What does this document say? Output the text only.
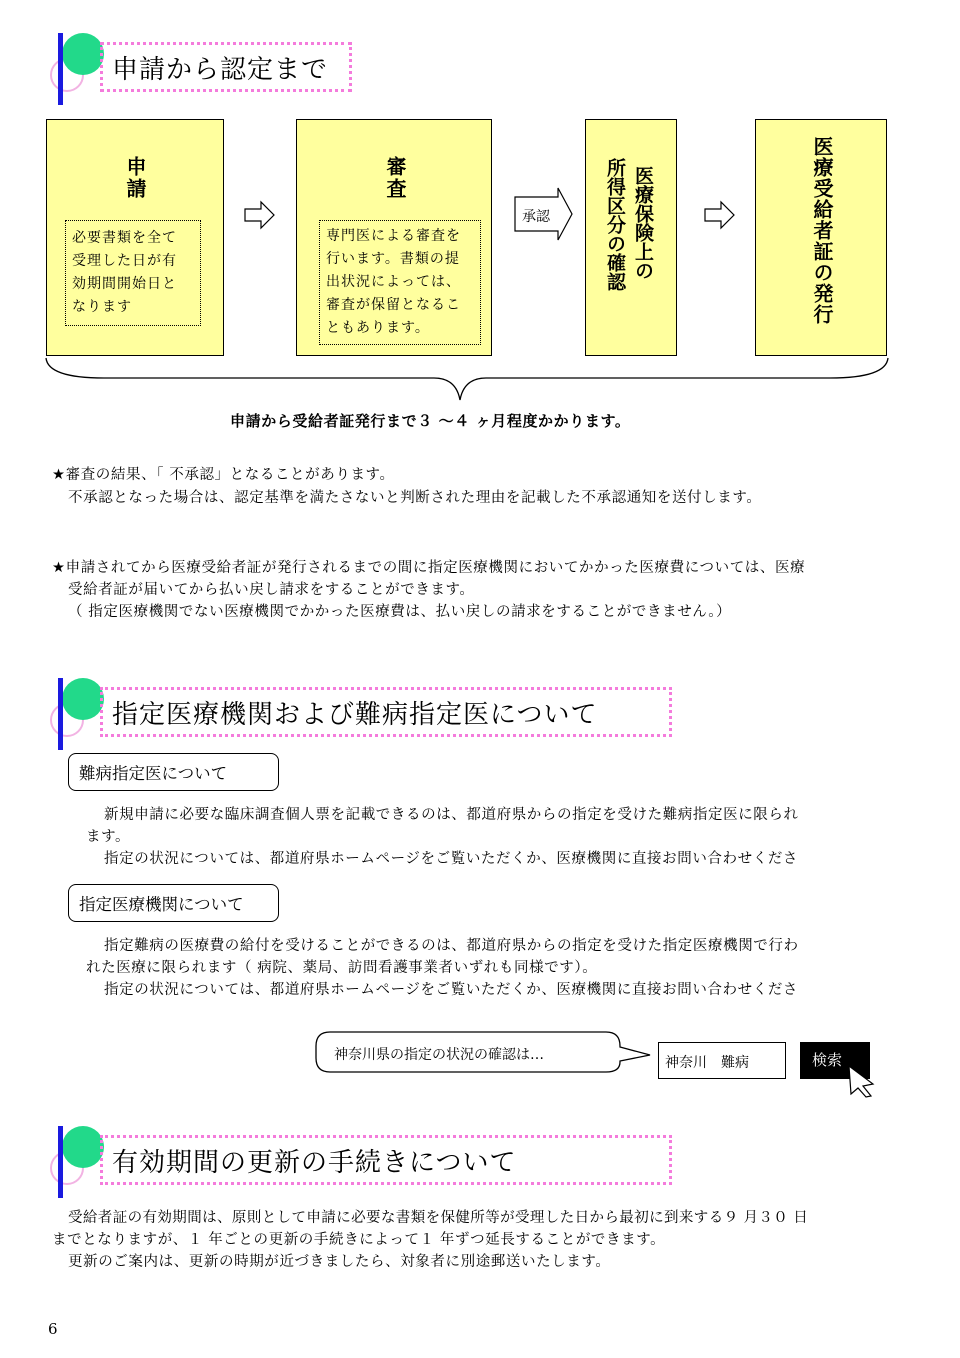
申請から認定まで
申請
必要書類を全て
受理した日が有
効期間開始日と
なります
審査
専門医による審査を
行います。書類の提
出状況によっては、
審査が保留となるこ
ともあります。
承認	医療保険上の
所得区分の確認	医療受給者証の発行
申請から受給者証発行まで３ ～４ ヶ月程度かかります。
★審査の結果、「 不承認」となることがあります。
不承認となった場合は、認定基準を満たさないと判断された理由を記載した不承認通知を送付します。
★申請されてから医療受給者証が発行されるまでの間に指定医療機関においてかかった医療費については、医療
受給者証が届いてから払い戻し請求をすることができます。
（ 指定医療機関でない医療機関でかかった医療費は、払い戻しの請求をすることができません。）
指定医療機関および難病指定医について
難病指定医について
新規申請に必要な臨床調査個人票を記載できるのは、都道府県からの指定を受けた難病指定医に限られ
ます。
指定の状況については、都道府県ホームページをご覧いただくか、医療機関に直接お問い合わせくださ
指定医療機関について
指定難病の医療費の給付を受けることができるのは、都道府県からの指定を受けた指定医療機関で行わ
れた医療に限られます（ 病院、薬局、訪問看護事業者いずれも同様です）。
指定の状況については、都道府県ホームページをご覧いただくか、医療機関に直接お問い合わせくださ
神奈川県の指定の状況の確認は…	神奈川　難病	検索
有効期間の更新の手続きについて
受給者証の有効期間は、原則として申請に必要な書類を保健所等が受理した日から最初に到来する９ 月３０ 日
までとなりますが、１ 年ごとの更新の手続きによって１ 年ずつ延長することができます。
更新のご案内は、更新の時期が近づきましたら、対象者に別途郵送いたします。
6
